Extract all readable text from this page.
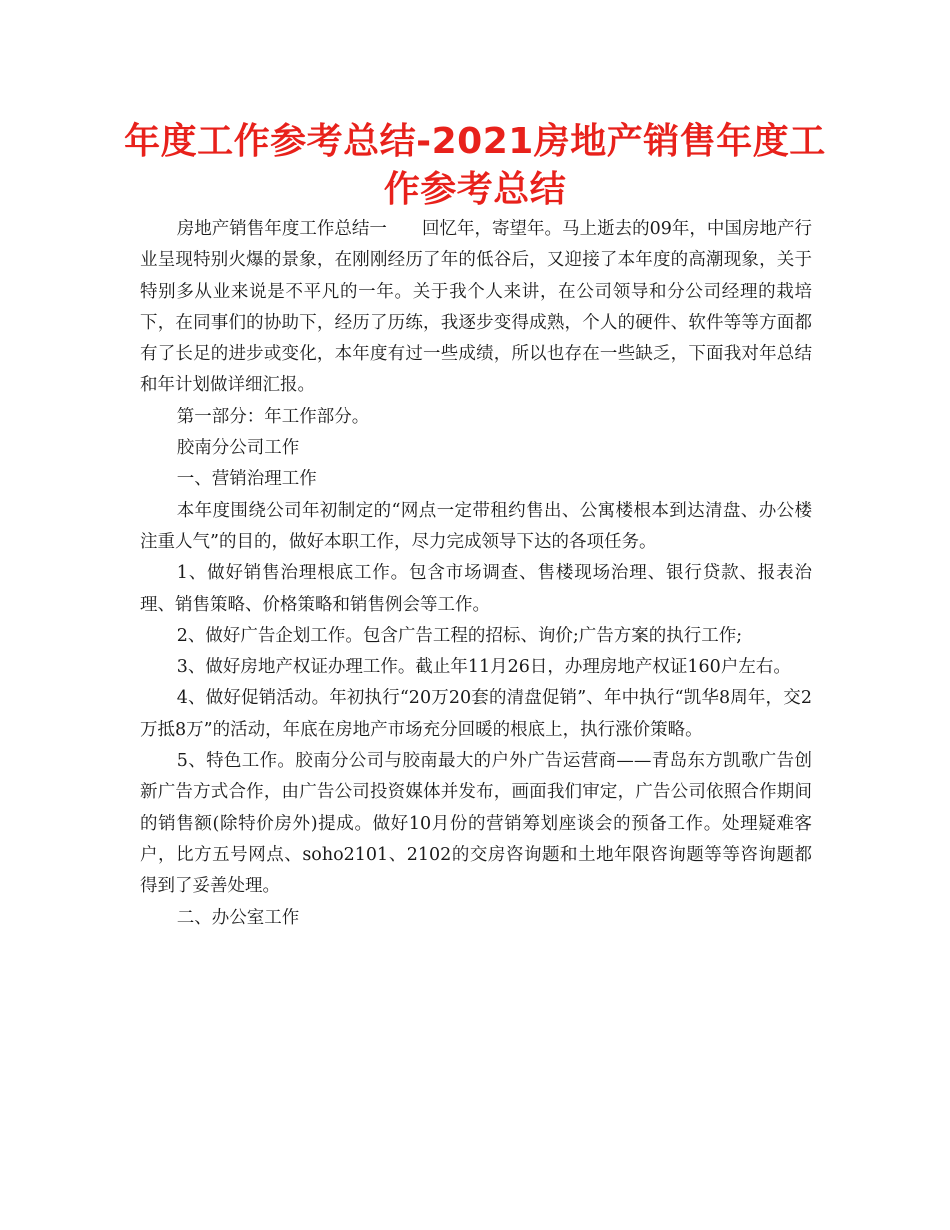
年度工作参考总结-2021房地产销售年度工作参考总结

房地产销售年度工作总结一　　回忆年，寄望年。马上逝去的09年，中国房地产行业呈现特别火爆的景象，在刚刚经历了年的低谷后，又迎接了本年度的高潮现象，关于特别多从业来说是不平凡的一年。关于我个人来讲，在公司领导和分公司经理的栽培下，在同事们的协助下，经历了历练，我逐步变得成熟，个人的硬件、软件等等方面都有了长足的进步或变化，本年度有过一些成绩，所以也存在一些缺乏，下面我对年总结和年计划做详细汇报。

第一部分：年工作部分。

胶南分公司工作

一、营销治理工作

本年度围绕公司年初制定的“网点一定带租约售出、公寓楼根本到达清盘、办公楼注重人气”的目的，做好本职工作，尽力完成领导下达的各项任务。

1、做好销售治理根底工作。包含市场调查、售楼现场治理、银行贷款、报表治理、销售策略、价格策略和销售例会等工作。

2、做好广告企划工作。包含广告工程的招标、询价;广告方案的执行工作;

3、做好房地产权证办理工作。截止年11月26日，办理房地产权证160户左右。

4、做好促销活动。年初执行“20万20套的清盘促销”、年中执行“凯华8周年，交2万抵8万”的活动，年底在房地产市场充分回暖的根底上，执行涨价策略。

5、特色工作。胶南分公司与胶南最大的户外广告运营商——青岛东方凯歌广告创新广告方式合作，由广告公司投资媒体并发布，画面我们审定，广告公司依照合作期间的销售额(除特价房外)提成。做好10月份的营销筹划座谈会的预备工作。处理疑难客户，比方五号网点、soho2101、2102的交房咨询题和土地年限咨询题等等咨询题都得到了妥善处理。

二、办公室工作
